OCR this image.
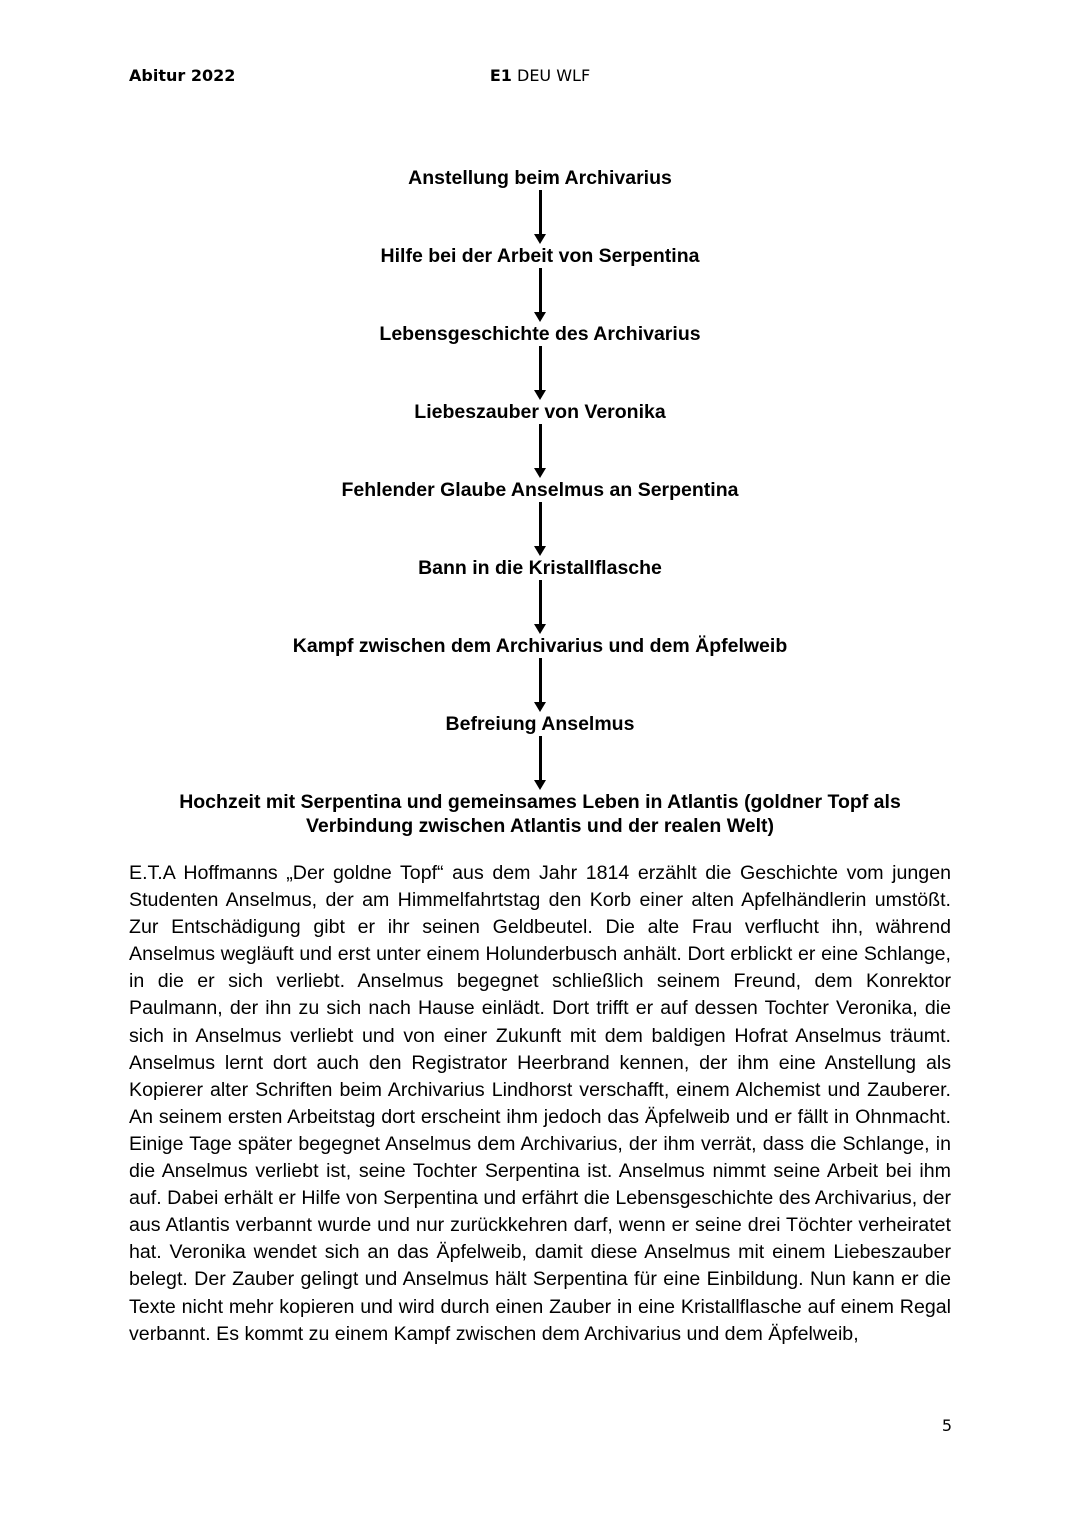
Abitur 2022	E1 DEU WLF
Anstellung beim Archivarius
Hilfe bei der Arbeit von Serpentina
Lebensgeschichte des Archivarius
Liebeszauber von Veronika
Fehlender Glaube Anselmus an Serpentina
Bann in die Kristallflasche
Kampf zwischen dem Archivarius und dem Äpfelweib
Befreiung Anselmus
Hochzeit mit Serpentina und gemeinsames Leben in Atlantis (goldner Topf als Verbindung zwischen Atlantis und der realen Welt)

E.T.A Hoffmanns „Der goldne Topf“ aus dem Jahr 1814 erzählt die Geschichte vom jungen Studenten Anselmus, der am Himmelfahrtstag den Korb einer alten Apfelhändlerin umstößt. Zur Entschädigung gibt er ihr seinen Geldbeutel. Die alte Frau verflucht ihn, während Anselmus wegläuft und erst unter einem Holunderbusch anhält. Dort erblickt er eine Schlange, in die er sich verliebt. Anselmus begegnet schließlich seinem Freund, dem Konrektor Paulmann, der ihn zu sich nach Hause einlädt. Dort trifft er auf dessen Tochter Veronika, die sich in Anselmus verliebt und von einer Zukunft mit dem baldigen Hofrat Anselmus träumt. Anselmus lernt dort auch den Registrator Heerbrand kennen, der ihm eine Anstellung als Kopierer alter Schriften beim Archivarius Lindhorst verschafft, einem Alchemist und Zauberer. An seinem ersten Arbeitstag dort erscheint ihm jedoch das Äpfelweib und er fällt in Ohnmacht. Einige Tage später begegnet Anselmus dem Archivarius, der ihm verrät, dass die Schlange, in die Anselmus verliebt ist, seine Tochter Serpentina ist. Anselmus nimmt seine Arbeit bei ihm auf. Dabei erhält er Hilfe von Serpentina und erfährt die Lebensgeschichte des Archivarius, der aus Atlantis verbannt wurde und nur zurückkehren darf, wenn er seine drei Töchter verheiratet hat. Veronika wendet sich an das Äpfelweib, damit diese Anselmus mit einem Liebeszauber belegt. Der Zauber gelingt und Anselmus hält Serpentina für eine Einbildung. Nun kann er die Texte nicht mehr kopieren und wird durch einen Zauber in eine Kristallflasche auf einem Regal verbannt. Es kommt zu einem Kampf zwischen dem Archivarius und dem Äpfelweib,

5
